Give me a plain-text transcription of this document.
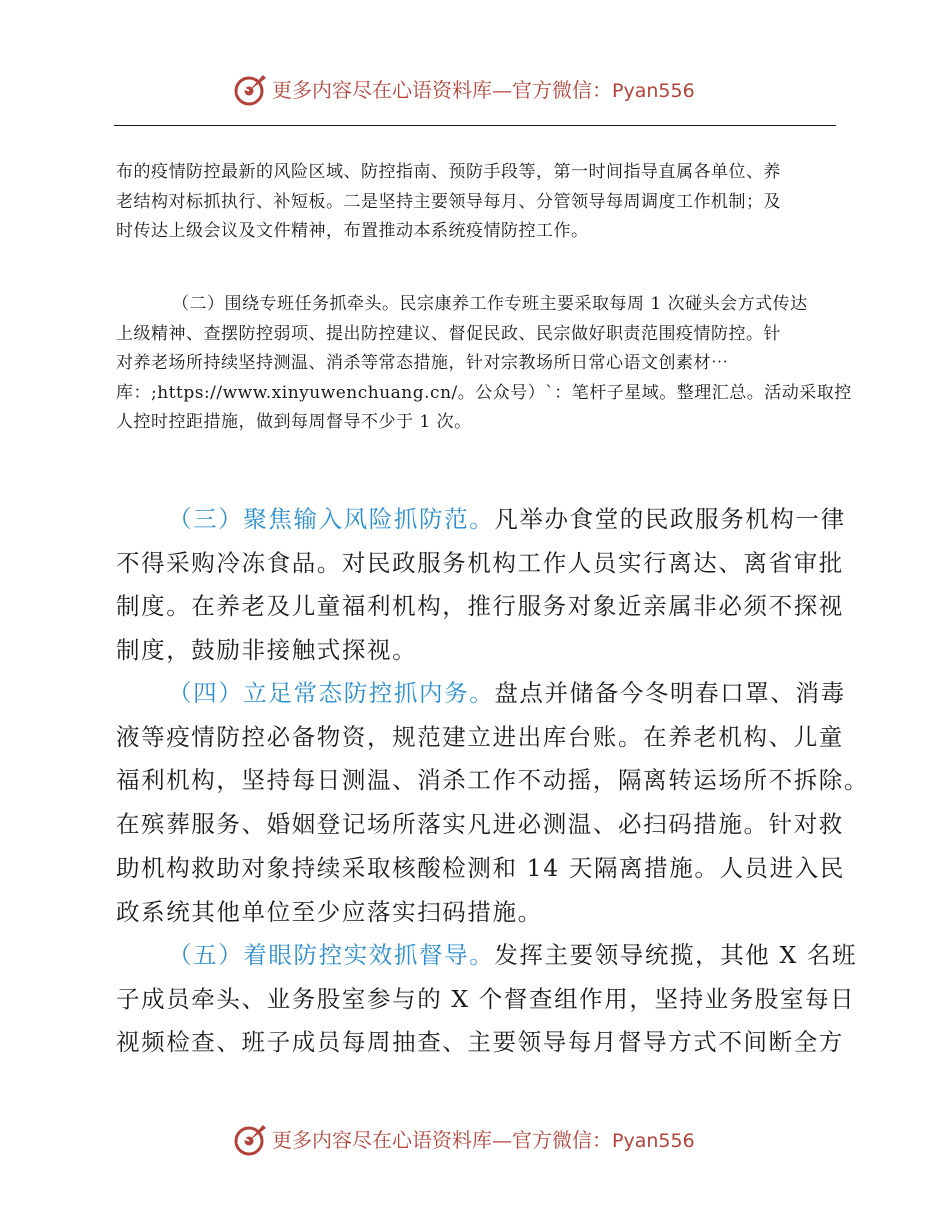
更多内容尽在心语资料库—官方微信：Pyan556
布的疫情防控最新的风险区域、防控指南、预防手段等，第一时间指导直属各单位、养
老结构对标抓执行、补短板。二是坚持主要领导每月、分管领导每周调度工作机制；及
时传达上级会议及文件精神，布置推动本系统疫情防控工作。
（二）围绕专班任务抓牵头。民宗康养工作专班主要采取每周 1 次碰头会方式传达
上级精神、查摆防控弱项、提出防控建议、督促民政、民宗做好职责范围疫情防控。针
对养老场所持续坚持测温、消杀等常态措施，针对宗教场所日常心语文创素材⋯
库：;https://www.xinyuwenchuang.cn/。公众号）`：笔杆子星域。整理汇总。活动采取控
人控时控距措施，做到每周督导不少于 1 次。
（三）聚焦输入风险抓防范。凡举办食堂的民政服务机构一律
不得采购冷冻食品。对民政服务机构工作人员实行离达、离省审批
制度。在养老及儿童福利机构，推行服务对象近亲属非必须不探视
制度，鼓励非接触式探视。
（四）立足常态防控抓内务。盘点并储备今冬明春口罩、消毒
液等疫情防控必备物资，规范建立进出库台账。在养老机构、儿童
福利机构，坚持每日测温、消杀工作不动摇，隔离转运场所不拆除。
在殡葬服务、婚姻登记场所落实凡进必测温、必扫码措施。针对救
助机构救助对象持续采取核酸检测和 14 天隔离措施。人员进入民
政系统其他单位至少应落实扫码措施。
（五）着眼防控实效抓督导。发挥主要领导统揽，其他 X 名班
子成员牵头、业务股室参与的 X 个督查组作用，坚持业务股室每日
视频检查、班子成员每周抽查、主要领导每月督导方式不间断全方
更多内容尽在心语资料库—官方微信：Pyan556
